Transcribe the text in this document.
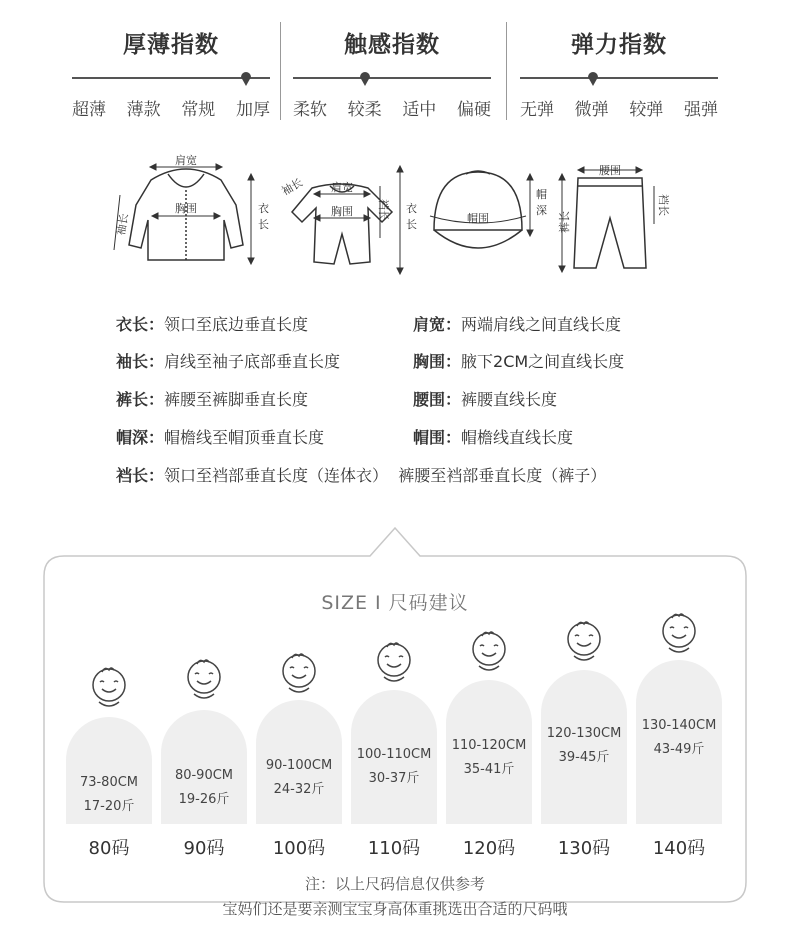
厚薄指数
超薄 薄款 常规 加厚
触感指数
柔软 较柔 适中 偏硬
弹力指数
无弹 微弹 较弹 强弹
肩宽
胸围
袖长
衣
长
袖长 肩宽
胸围 裆长 衣
长	帽围
帽
深
腰围
裤长
裆长
衣长：领口至底边垂直长度	肩宽：两端肩线之间直线长度
袖长：肩线至袖子底部垂直长度	胸围：腋下2CM之间直线长度
裤长：裤腰至裤脚垂直长度	腰围：裤腰直线长度
帽深：帽檐线至帽顶垂直长度	帽围：帽檐线直线长度
裆长：领口至裆部垂直长度（连体衣）  裤腰至裆部垂直长度（裤子）
SIZE I 尺码建议
73-80CM
17-20斤
80码
80-90CM
19-26斤
90码
90-100CM
24-32斤
100码
100-110CM
30-37斤
110码
110-120CM
35-41斤
120码
120-130CM
39-45斤
130码
130-140CM
43-49斤
140码
注：以上尺码信息仅供参考
宝妈们还是要亲测宝宝身高体重挑选出合适的尺码哦
